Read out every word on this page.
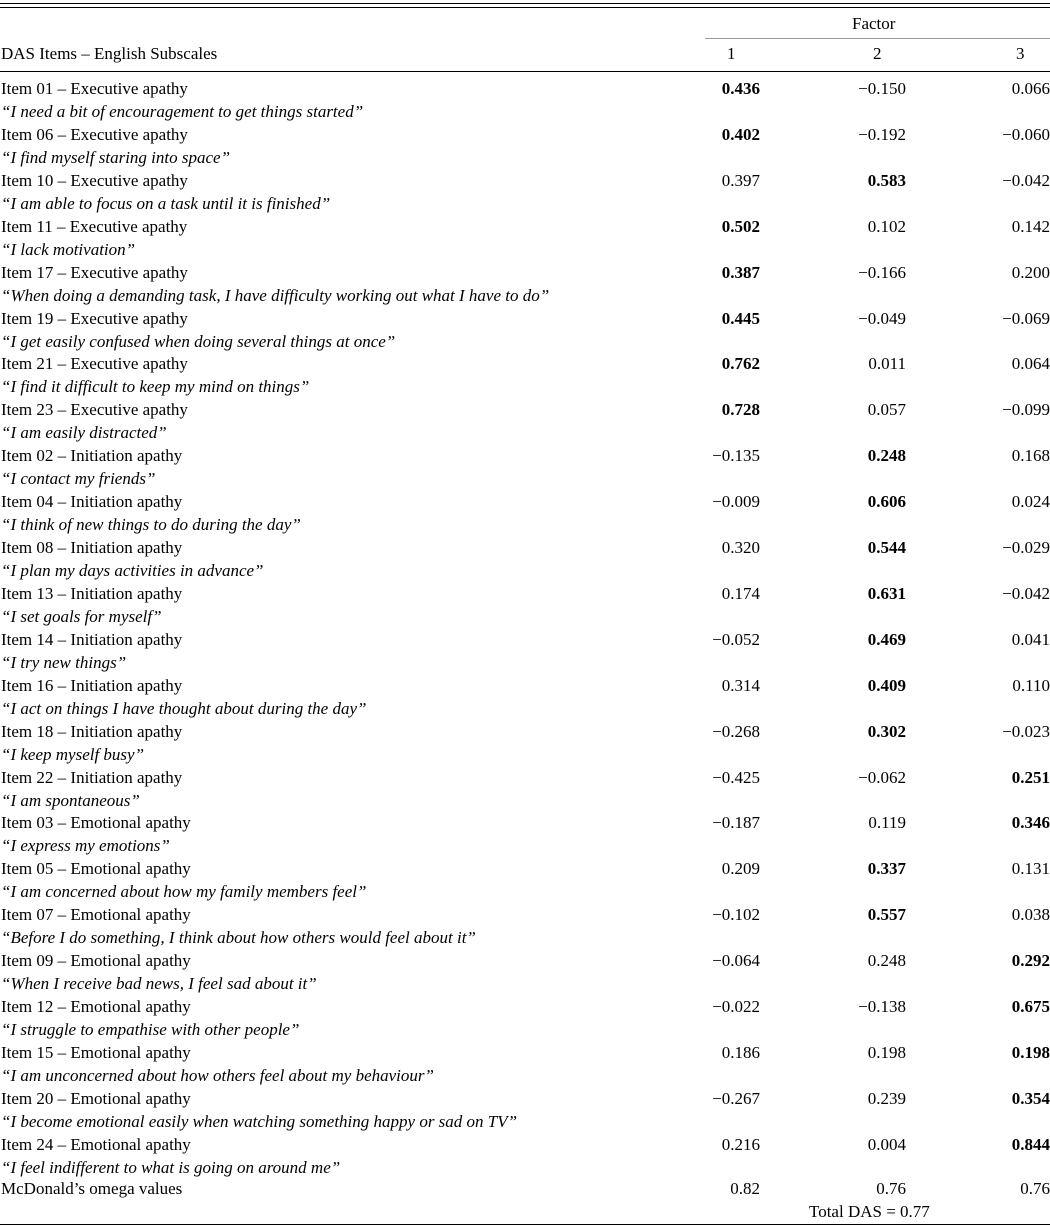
Factor
DAS Items – English Subscales	1	2	3
Item 01 – Executive apathy
“I need a bit of encouragement to get things started”
0.436	−0.150	0.066
Item 06 – Executive apathy
“I find myself staring into space”
0.402	−0.192	−0.060
Item 10 – Executive apathy
“I am able to focus on a task until it is finished”
0.397	0.583	−0.042
Item 11 – Executive apathy
“I lack motivation”
0.502	0.102	0.142
Item 17 – Executive apathy
“When doing a demanding task, I have difficulty working out what I have to do”
0.387	−0.166	0.200
Item 19 – Executive apathy
“I get easily confused when doing several things at once”
0.445	−0.049	−0.069
Item 21 – Executive apathy
“I find it difficult to keep my mind on things”
0.762	0.011	0.064
Item 23 – Executive apathy
“I am easily distracted”
0.728	0.057	−0.099
Item 02 – Initiation apathy
“I contact my friends”
−0.135	0.248	0.168
Item 04 – Initiation apathy
“I think of new things to do during the day”
−0.009	0.606	0.024
Item 08 – Initiation apathy
“I plan my days activities in advance”
0.320	0.544	−0.029
Item 13 – Initiation apathy
“I set goals for myself”
0.174	0.631	−0.042
Item 14 – Initiation apathy
“I try new things”
−0.052	0.469	0.041
Item 16 – Initiation apathy
“I act on things I have thought about during the day”
0.314	0.409	0.110
Item 18 – Initiation apathy
“I keep myself busy”
−0.268	0.302	−0.023
Item 22 – Initiation apathy
“I am spontaneous”
−0.425	−0.062	0.251
Item 03 – Emotional apathy
“I express my emotions”
−0.187	0.119	0.346
Item 05 – Emotional apathy
“I am concerned about how my family members feel”
0.209	0.337	0.131
Item 07 – Emotional apathy
“Before I do something, I think about how others would feel about it”
−0.102	0.557	0.038
Item 09 – Emotional apathy
“When I receive bad news, I feel sad about it”
−0.064	0.248	0.292
Item 12 – Emotional apathy
“I struggle to empathise with other people”
−0.022	−0.138	0.675
Item 15 – Emotional apathy
“I am unconcerned about how others feel about my behaviour”
0.186	0.198	0.198
Item 20 – Emotional apathy
“I become emotional easily when watching something happy or sad on TV”
−0.267	0.239	0.354
Item 24 – Emotional apathy
“I feel indifferent to what is going on around me”
0.216	0.004	0.844
McDonald’s omega values	0.82	0.76	0.76
Total DAS = 0.77
